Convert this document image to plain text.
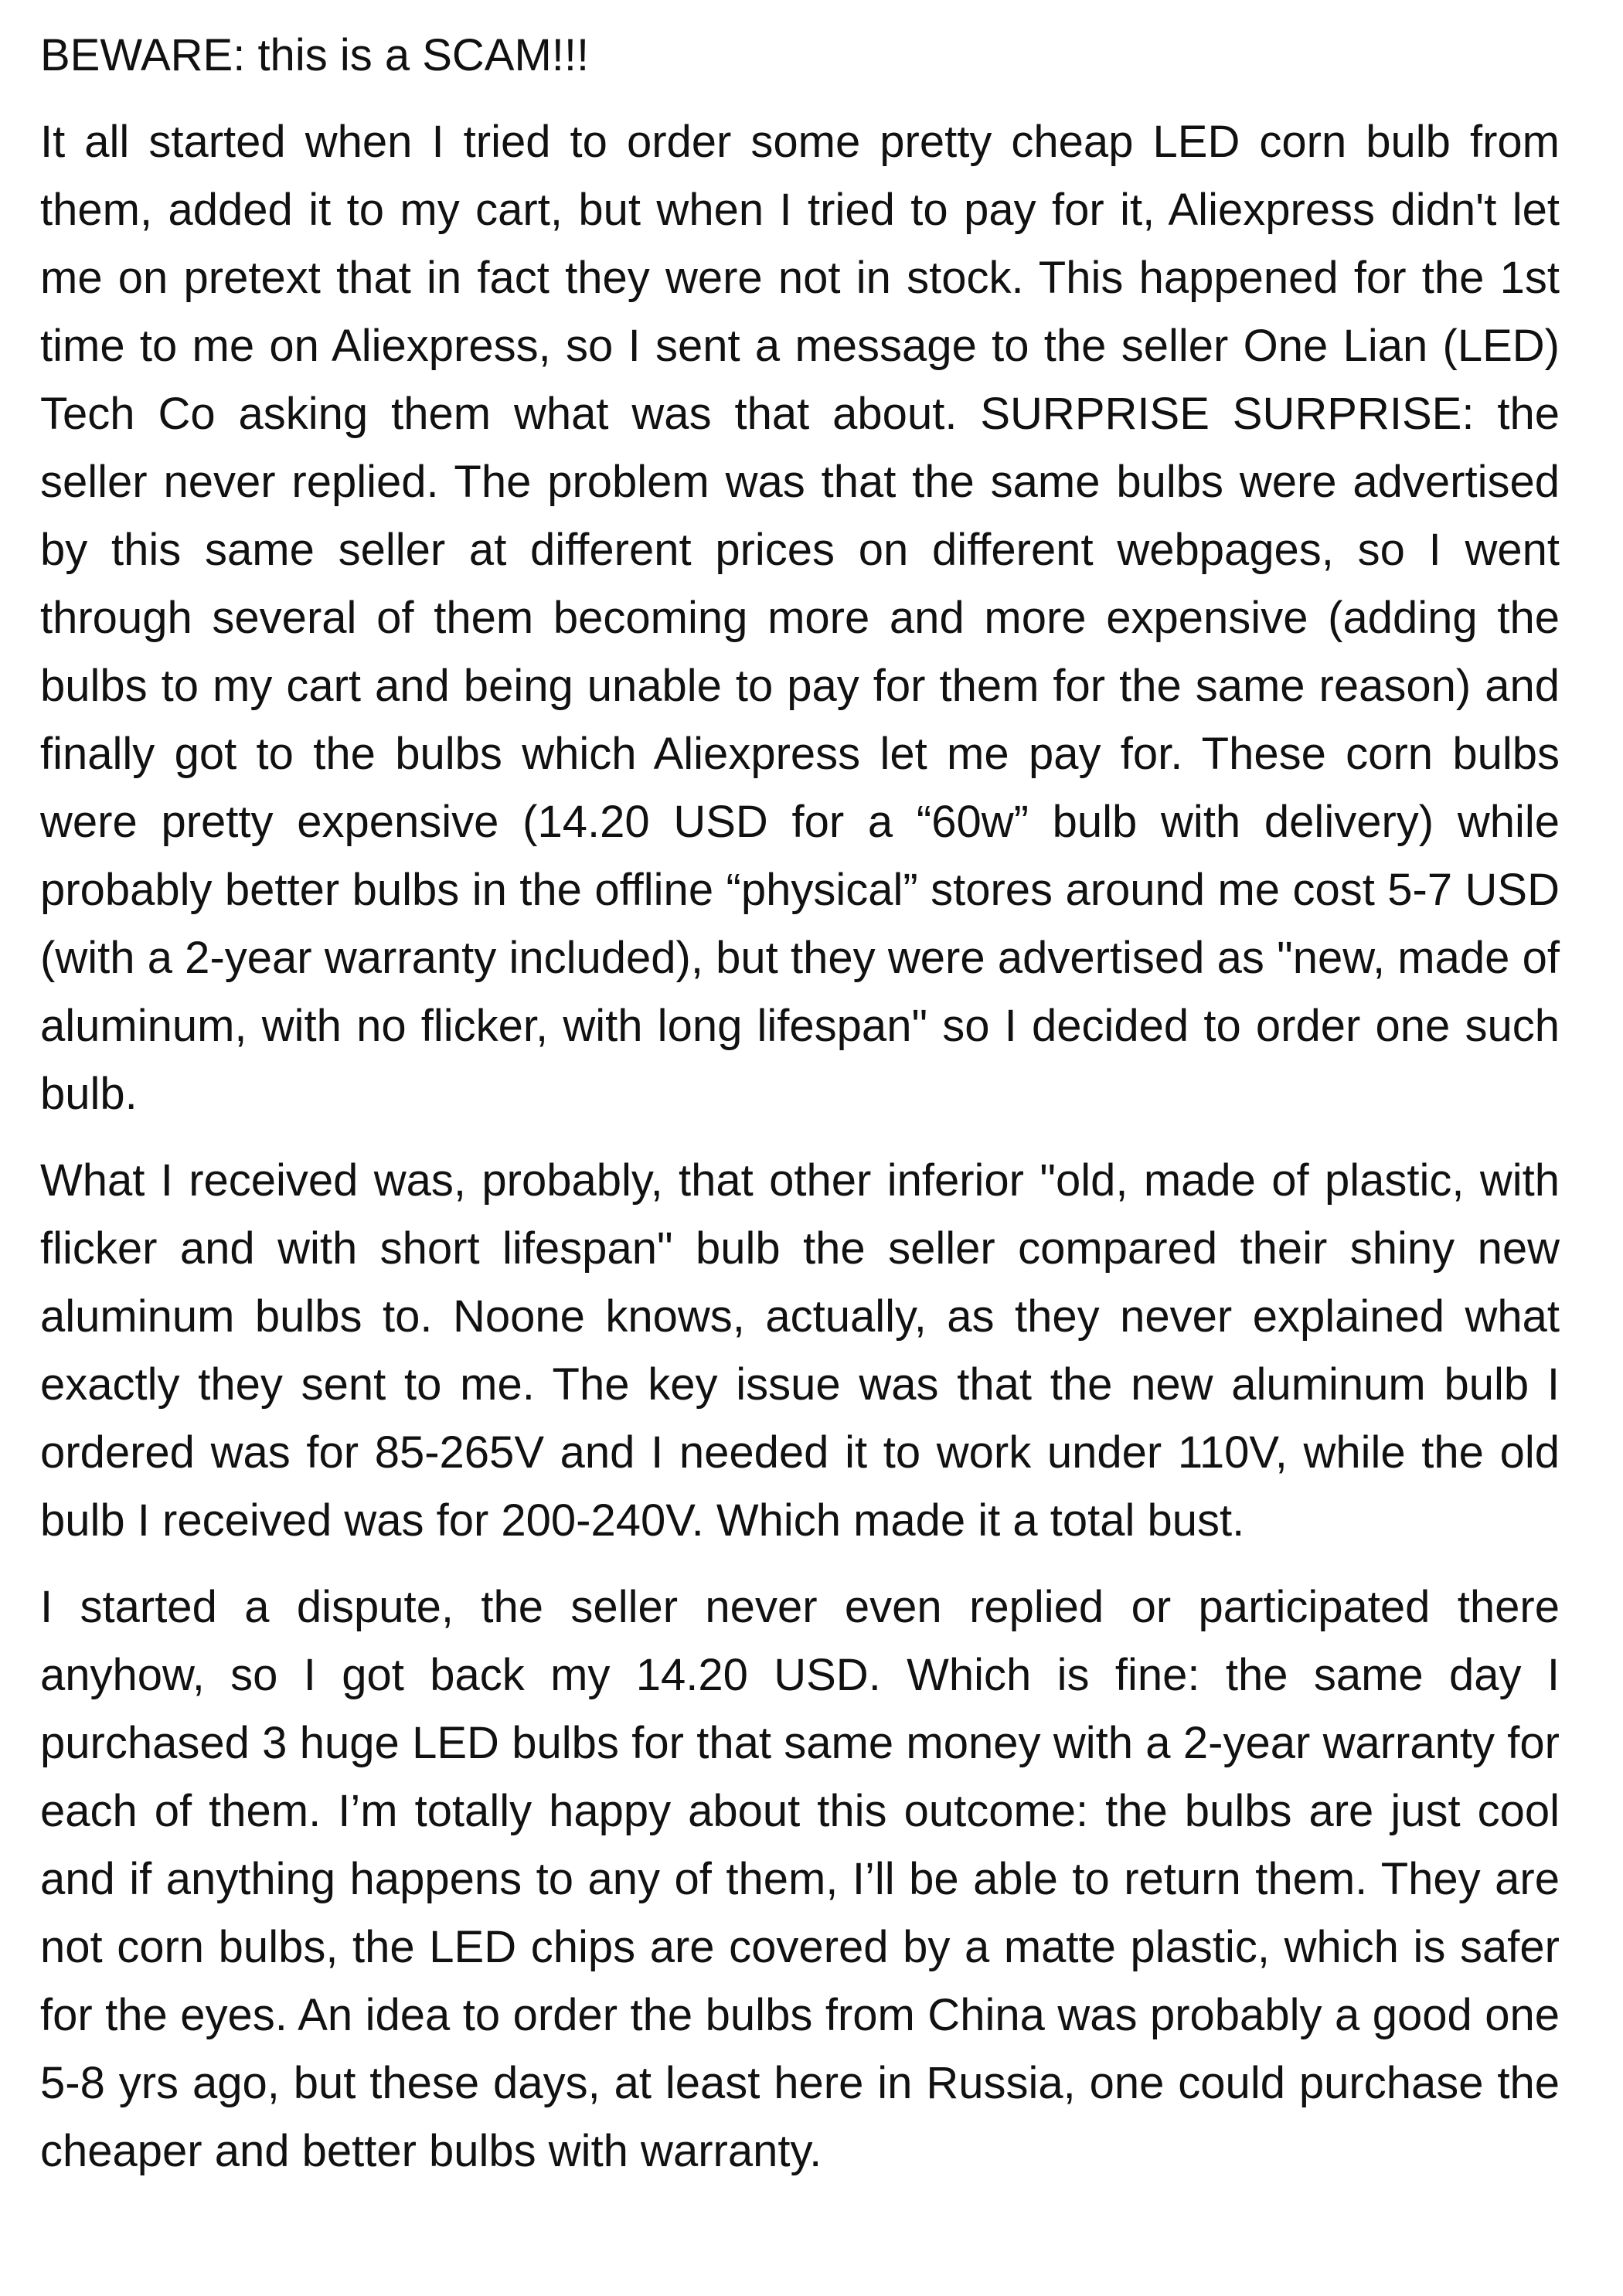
BEWARE: this is a SCAM!!!

It all started when I tried to order some pretty cheap LED corn bulb from them, added it to my cart, but when I tried to pay for it, Aliexpress didn't let me on pretext that in fact they were not in stock. This happened for the 1st time to me on Aliexpress, so I sent a message to the seller One Lian (LED) Tech Co asking them what was that about. SURPRISE SURPRISE: the seller never replied. The problem was that the same bulbs were advertised by this same seller at different prices on different webpages, so I went through several of them becoming more and more expensive (adding the bulbs to my cart and being unable to pay for them for the same reason) and finally got to the bulbs which Aliexpress let me pay for. These corn bulbs were pretty expensive (14.20 USD for a “60w” bulb with delivery) while probably better bulbs in the offline “physical” stores around me cost 5-7 USD (with a 2-year warranty included), but they were advertised as "new, made of aluminum, with no flicker, with long lifespan" so I decided to order one such bulb.

What I received was, probably, that other inferior "old, made of plastic, with flicker and with short lifespan" bulb the seller compared their shiny new aluminum bulbs to. Noone knows, actually, as they never explained what exactly they sent to me. The key issue was that the new aluminum bulb I ordered was for 85-265V and I needed it to work under 110V, while the old bulb I received was for 200-240V. Which made it a total bust.

I started a dispute, the seller never even replied or participated there anyhow, so I got back my 14.20 USD. Which is fine: the same day I purchased 3 huge LED bulbs for that same money with a 2-year warranty for each of them. I’m totally happy about this outcome: the bulbs are just cool and if anything happens to any of them, I’ll be able to return them. They are not corn bulbs, the LED chips are covered by a matte plastic, which is safer for the eyes. An idea to order the bulbs from China was probably a good one 5-8 yrs ago, but these days, at least here in Russia, one could purchase the cheaper and better bulbs with warranty.
